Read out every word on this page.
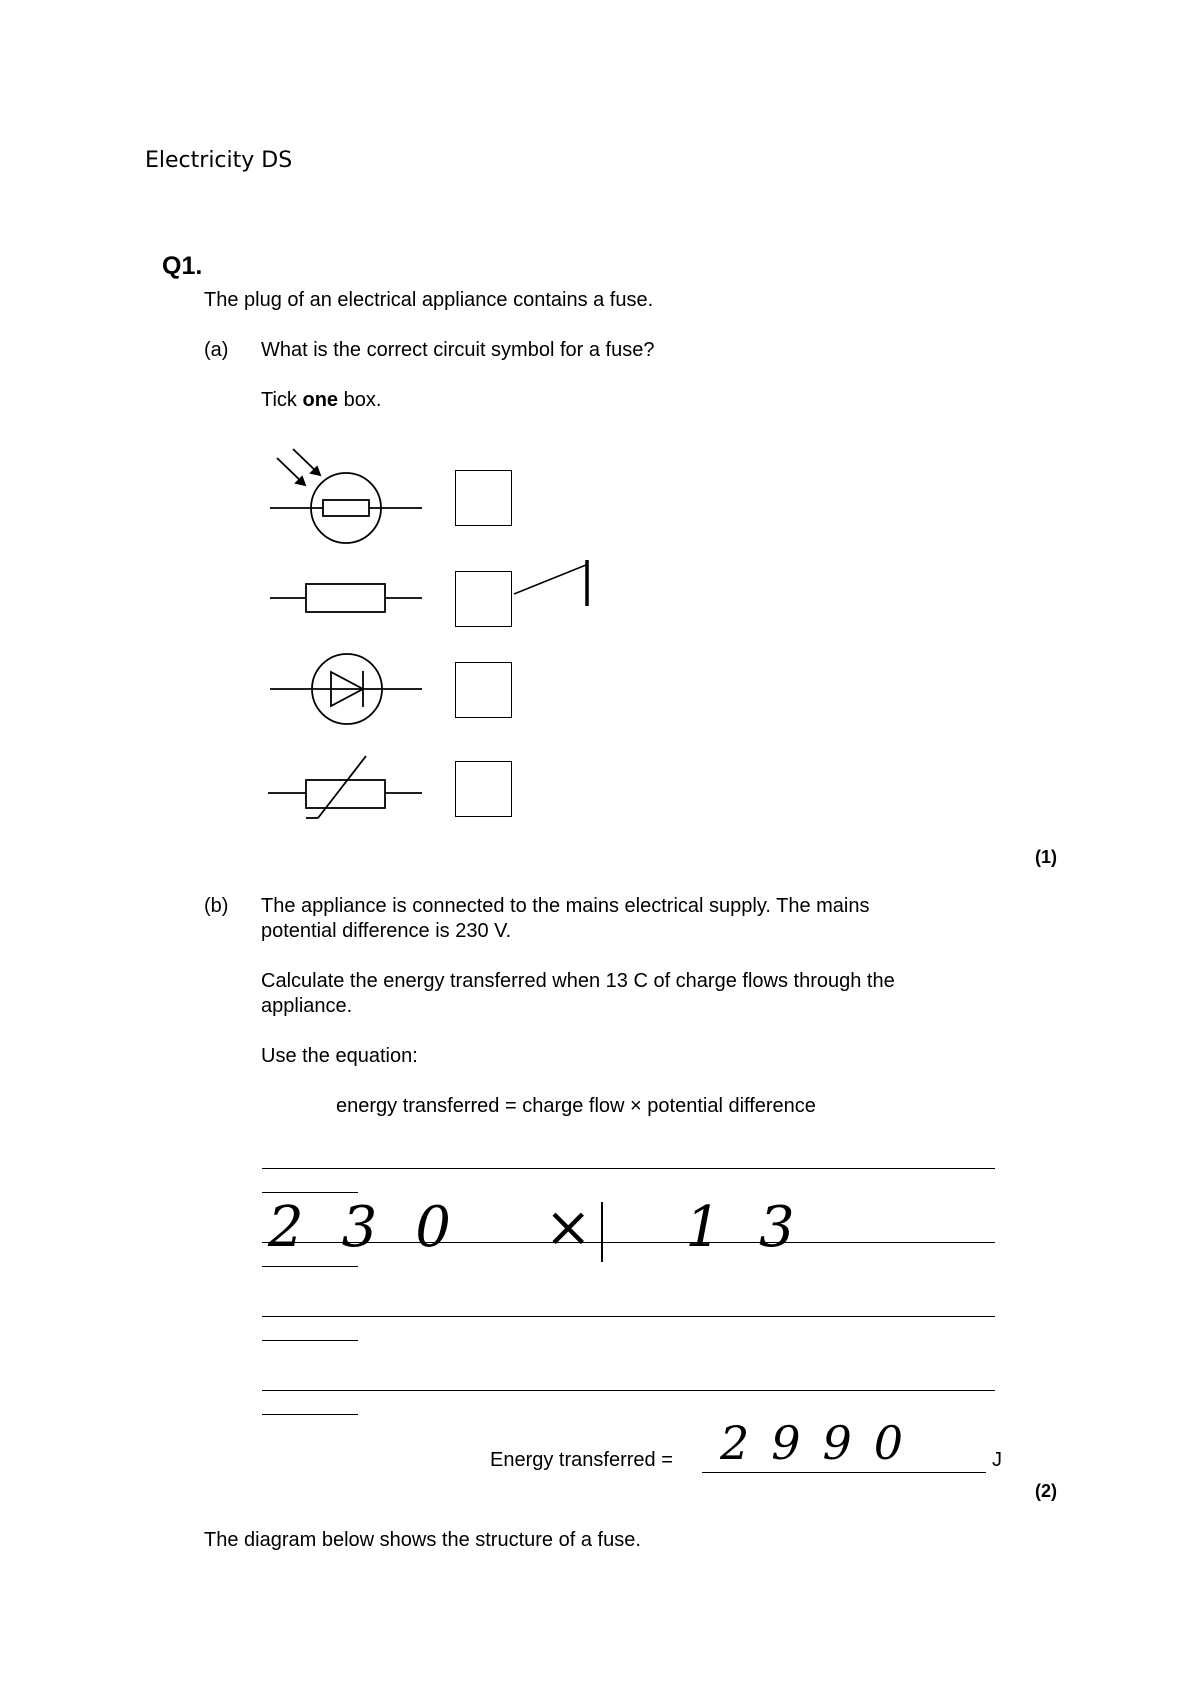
Electricity DS
Q1.
The plug of an electrical appliance contains a fuse.
(a) What is the correct circuit symbol for a fuse?
Tick one box.
(1)
(b) The appliance is connected to the mains electrical supply. The mains
potential difference is 230 V.
Calculate the energy transferred when 13 C of charge flows through the
appliance.
Use the equation:
energy transferred = charge flow × potential difference
230 × 13
Energy transferred = 2990	J
(2)
The diagram below shows the structure of a fuse.
